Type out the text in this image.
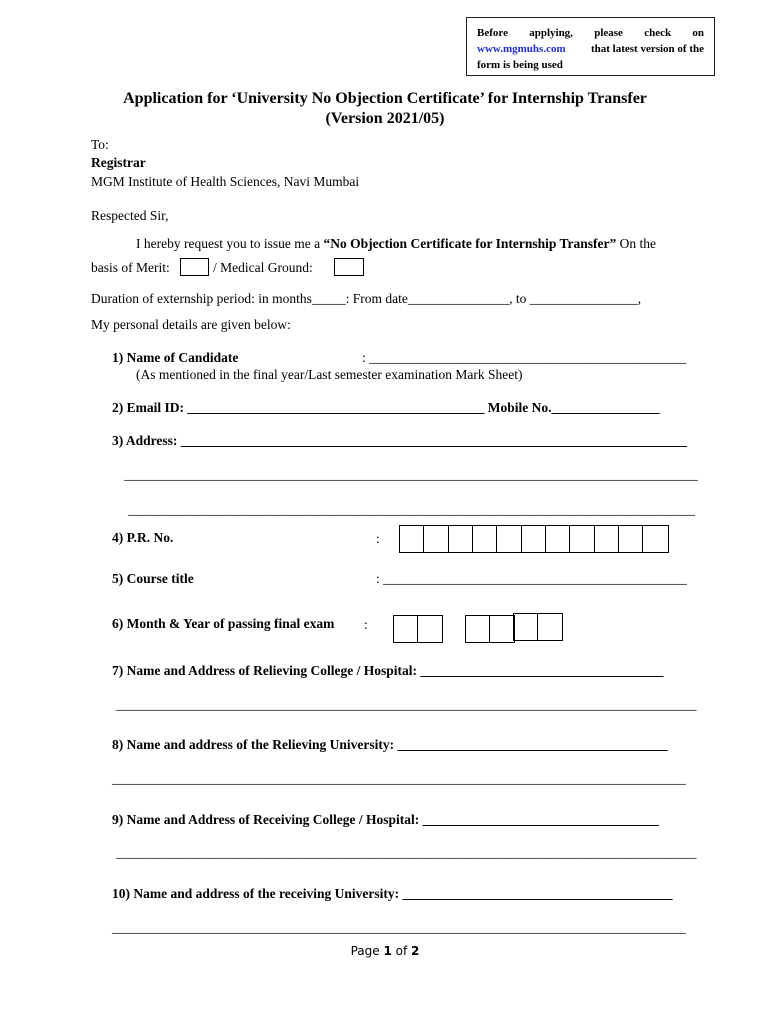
Before applying, please check on
www.mgmuhs.com that latest version of the
form is being used
Application for ‘University No Objection Certificate’ for Internship Transfer
(Version 2021/05)
To:
Registrar
MGM Institute of Health Sciences, Navi Mumbai
Respected Sir,
I hereby request you to issue me a “No Objection Certificate for Internship Transfer” On the
basis of Merit:	/ Medical Ground:
Duration of externship period: in months_____: From date_______________, to ________________,
My personal details are given below:
1) Name of Candidate	: _______________________________________________
(As mentioned in the final year/Last semester examination Mark Sheet)
2) Email ID: ____________________________________________ Mobile No.________________
3) Address: ___________________________________________________________________________
_____________________________________________________________________________________
____________________________________________________________________________________
4) P.R. No.	:
5) Course title	: _____________________________________________
6) Month & Year of passing final exam :
7) Name and Address of Relieving College / Hospital: ____________________________________
______________________________________________________________________________________
8) Name and address of the Relieving University: ________________________________________
_____________________________________________________________________________________
9) Name and Address of Receiving College / Hospital: ___________________________________
______________________________________________________________________________________
10) Name and address of the receiving University: ________________________________________
_____________________________________________________________________________________
Page 1 of 2
